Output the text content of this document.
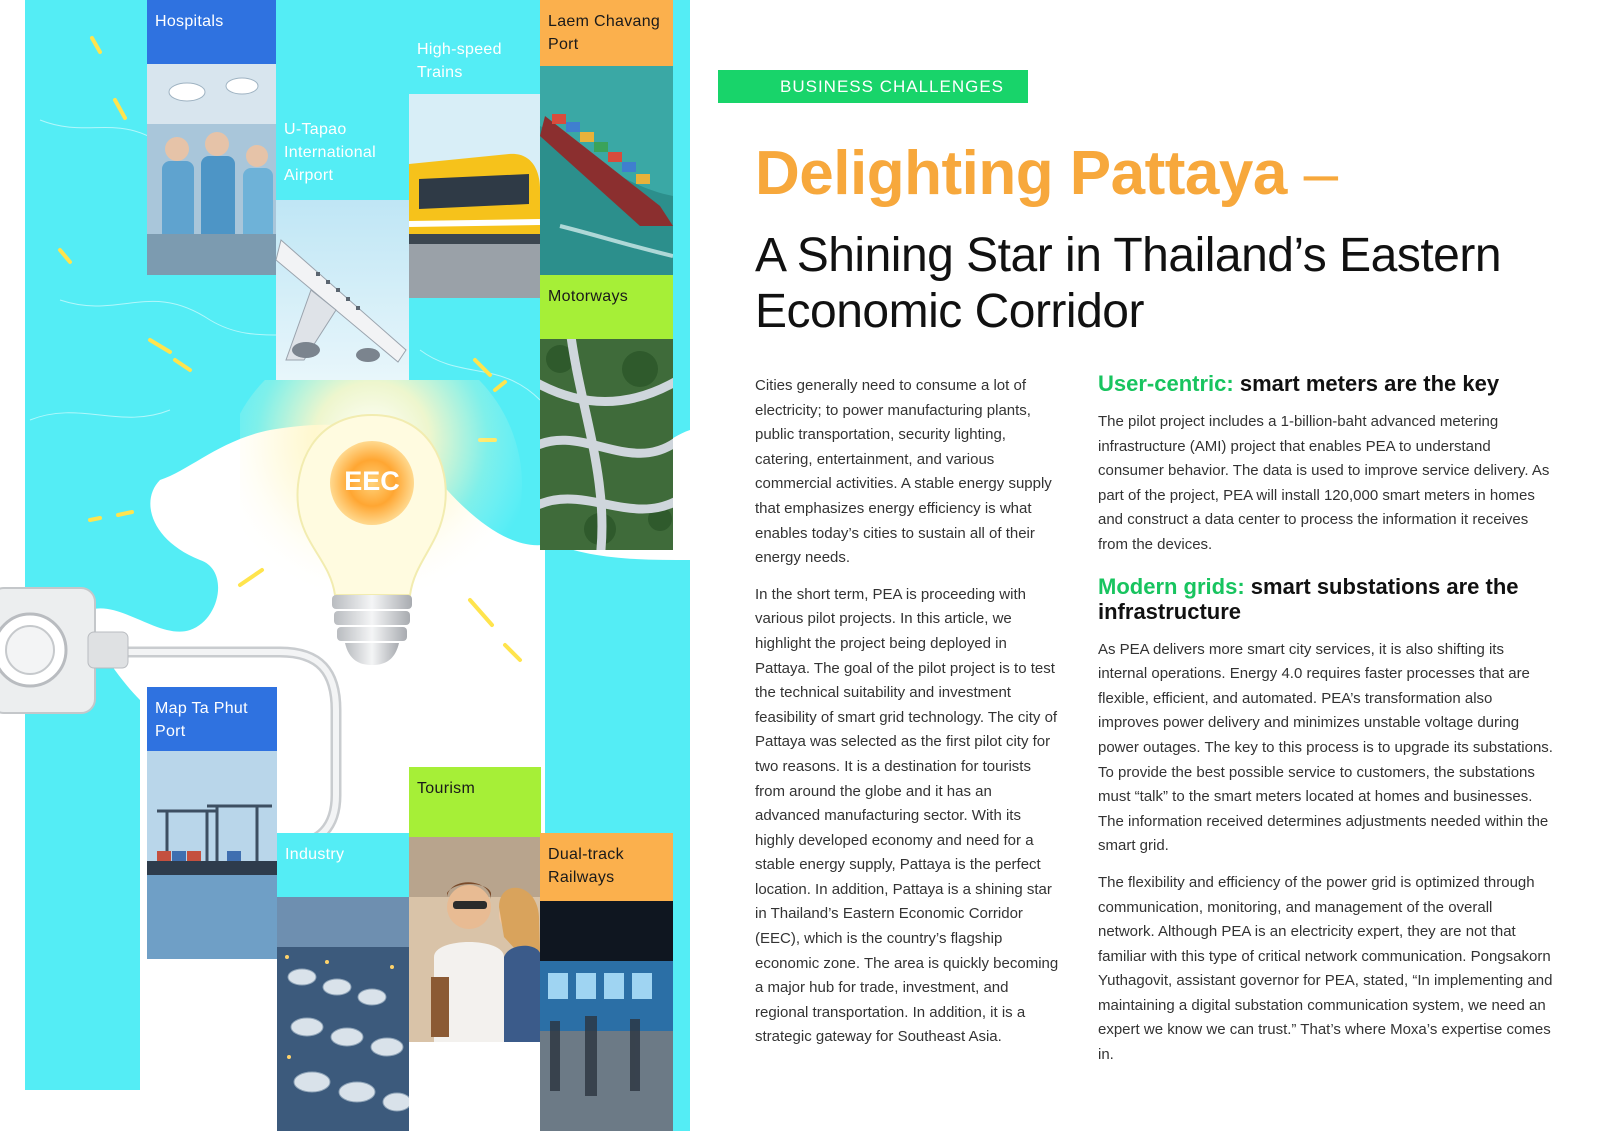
EEC
Hospitals
U-Tapao International Airport
High-speed Trains
Laem Chavang Port
Motorways
Map Ta Phut Port
Industry
Tourism
Dual-track Railways
BUSINESS CHALLENGES
Delighting Pattaya –
A Shining Star in Thailand’s Eastern Economic Corridor

Cities generally need to consume a lot of electricity; to power manufacturing plants, public transportation, security lighting, catering, entertainment, and various commercial activities. A stable energy supply that emphasizes energy efficiency is what enables today’s cities to sustain all of their energy needs.

In the short term, PEA is proceeding with various pilot projects. In this article, we highlight the project being deployed in Pattaya. The goal of the pilot project is to test the technical suitability and investment feasibility of smart grid technology. The city of Pattaya was selected as the first pilot city for two reasons. It is a destination for tourists from around the globe and it has an advanced manufacturing sector. With its highly developed economy and need for a stable energy supply, Pattaya is the perfect location. In addition, Pattaya is a shining star in Thailand’s Eastern Economic Corridor (EEC), which is the country’s flagship economic zone. The area is quickly becoming a major hub for trade, investment, and regional transportation. In addition, it is a strategic gateway for Southeast Asia.

User-centric: smart meters are the key

The pilot project includes a 1-billion-baht advanced metering infrastructure (AMI) project that enables PEA to understand consumer behavior. The data is used to improve service delivery. As part of the project, PEA will install 120,000 smart meters in homes and construct a data center to process the information it receives from the devices.

Modern grids: smart substations are the infrastructure

As PEA delivers more smart city services, it is also shifting its internal operations. Energy 4.0 requires faster processes that are flexible, efficient, and automated. PEA’s transformation also improves power delivery and minimizes unstable voltage during power outages. The key to this process is to upgrade its substations. To provide the best possible service to customers, the substations must “talk” to the smart meters located at homes and businesses. The information received determines adjustments needed within the smart grid.

The flexibility and efficiency of the power grid is optimized through communication, monitoring, and management of the overall network. Although PEA is an electricity expert, they are not that familiar with this type of critical network communication. Pongsakorn Yuthagovit, assistant governor for PEA, stated, “In implementing and maintaining a digital substation communication system, we need an expert we know we can trust.” That’s where Moxa’s expertise comes in.
